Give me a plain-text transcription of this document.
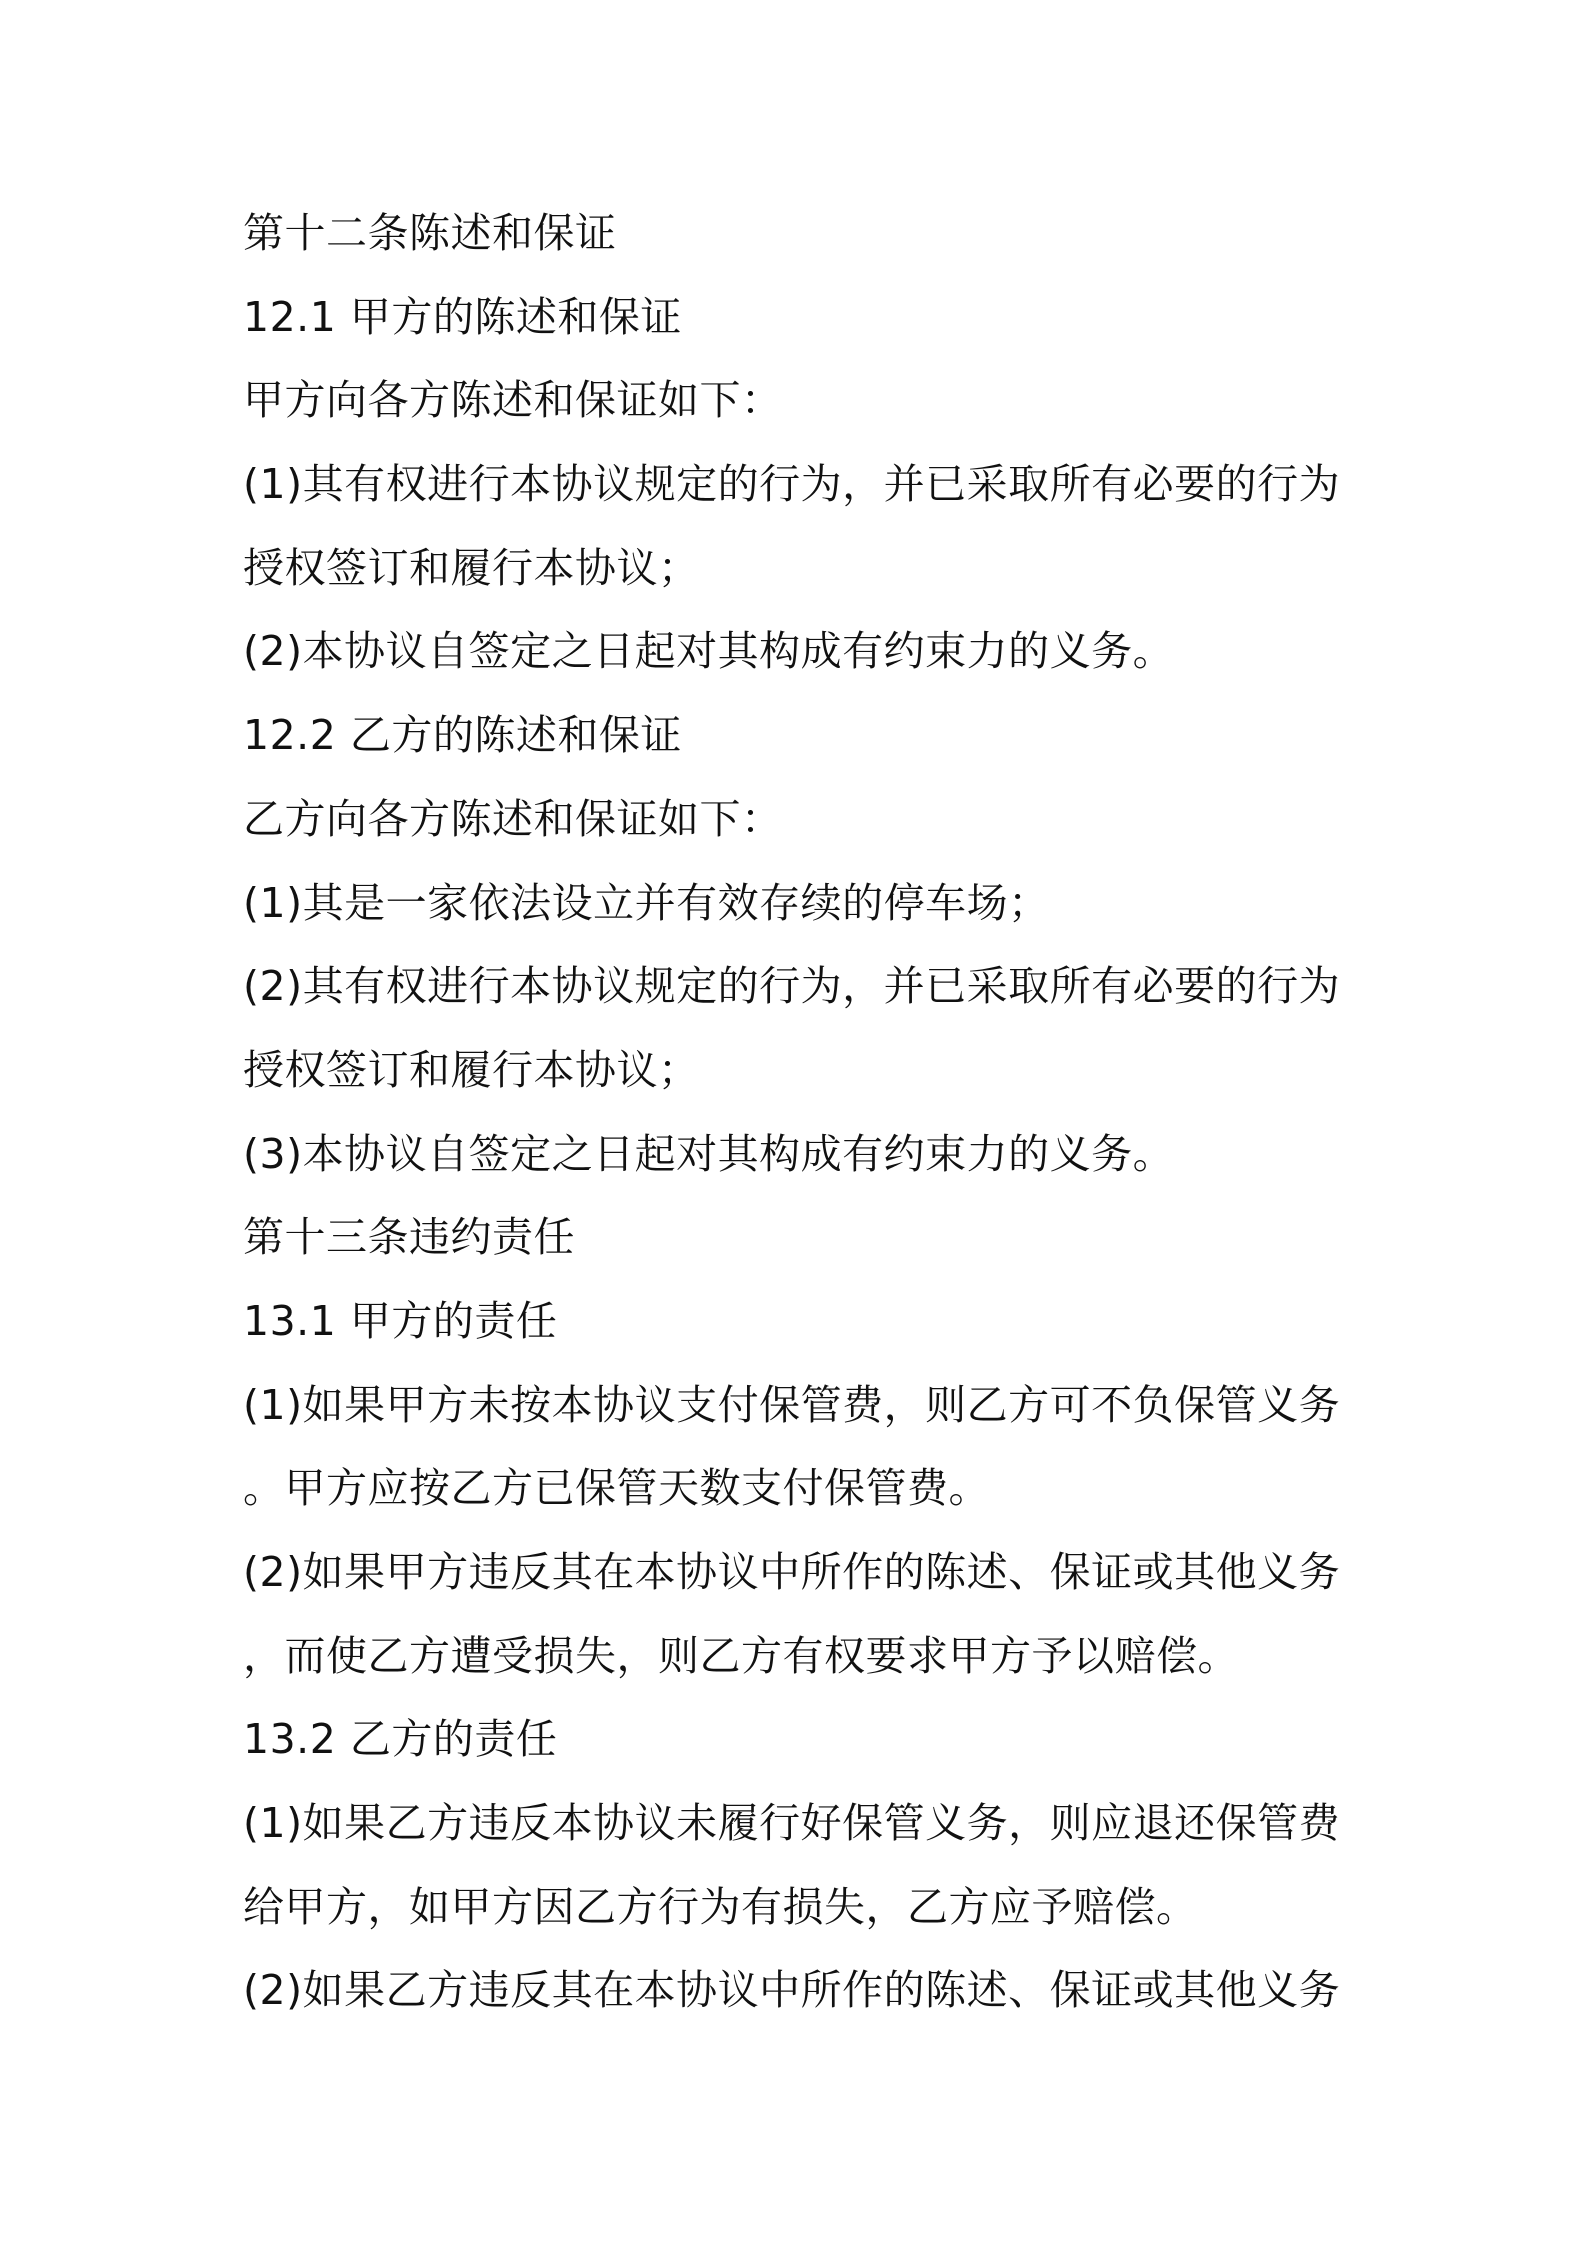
第十二条陈述和保证
12.1 甲方的陈述和保证
甲方向各方陈述和保证如下：
(1)其有权进行本协议规定的行为，并已采取所有必要的行为
授权签订和履行本协议；
(2)本协议自签定之日起对其构成有约束力的义务。
12.2 乙方的陈述和保证
乙方向各方陈述和保证如下：
(1)其是一家依法设立并有效存续的停车场；
(2)其有权进行本协议规定的行为，并已采取所有必要的行为
授权签订和履行本协议；
(3)本协议自签定之日起对其构成有约束力的义务。
第十三条违约责任
13.1 甲方的责任
(1)如果甲方未按本协议支付保管费，则乙方可不负保管义务
。甲方应按乙方已保管天数支付保管费。
(2)如果甲方违反其在本协议中所作的陈述、保证或其他义务
，而使乙方遭受损失，则乙方有权要求甲方予以赔偿。
13.2 乙方的责任
(1)如果乙方违反本协议未履行好保管义务，则应退还保管费
给甲方，如甲方因乙方行为有损失，乙方应予赔偿。
(2)如果乙方违反其在本协议中所作的陈述、保证或其他义务
